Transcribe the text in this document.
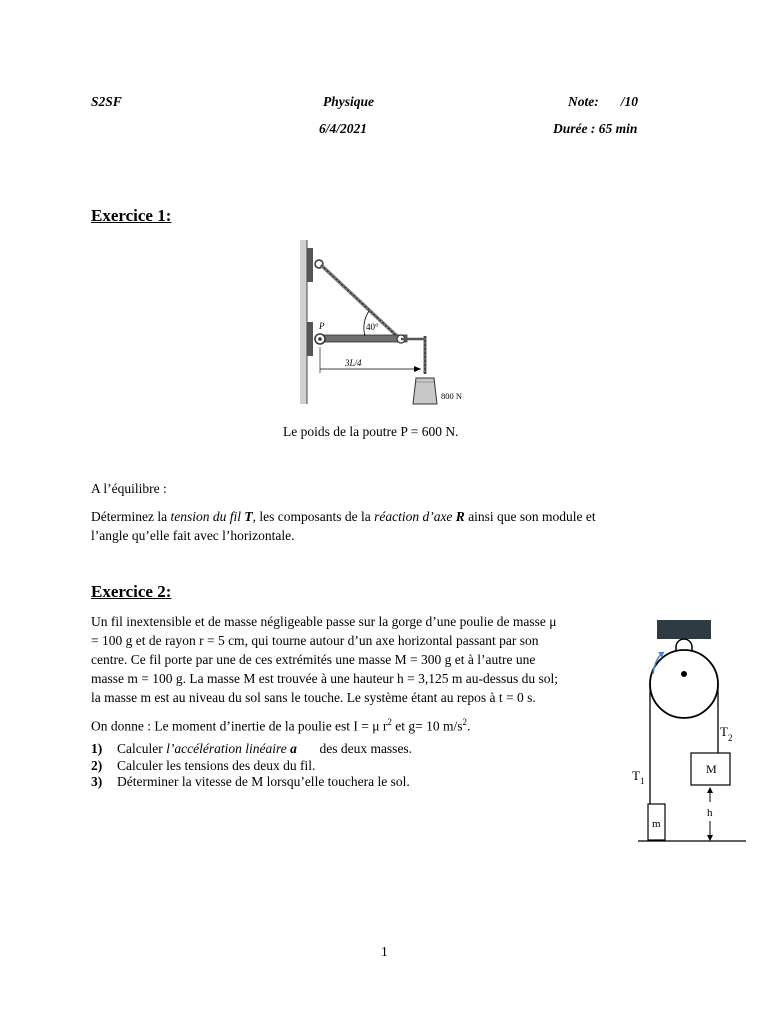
S2SF	Physique	Note: /10
6/4/2021	Durée : 65 min
Exercice 1:
P	40°
800 N
3L/4
Le poids de la poutre P = 600 N.
A l’équilibre :
Déterminez la tension du fil T, les composants de la réaction d’axe R ainsi que son module et
l’angle qu’elle fait avec l’horizontale.
Exercice 2:
Un fil inextensible et de masse négligeable passe sur la gorge d’une poulie de masse μ
= 100 g et de rayon r = 5 cm, qui tourne autour d’un axe horizontal passant par son
centre. Ce fil porte par une de ces extrémités une masse M = 300 g et à l’autre une
masse m = 100 g. La masse M est trouvée à une hauteur h = 3,125 m au-dessus du sol;
la masse m est au niveau du sol sans le touche. Le système étant au repos à t = 0 s.
On donne : Le moment d’inertie de la poulie est I = μ $r^2$ et g= 10 $m/s^2$.
1) Calculer l’accélération linéaire a des deux masses.
2) Calculer les tensions des deux du fil.
3) Déterminer la vitesse de M lorsqu’elle touchera le sol.
M
m
$T_2$
$T_1$
h
1
